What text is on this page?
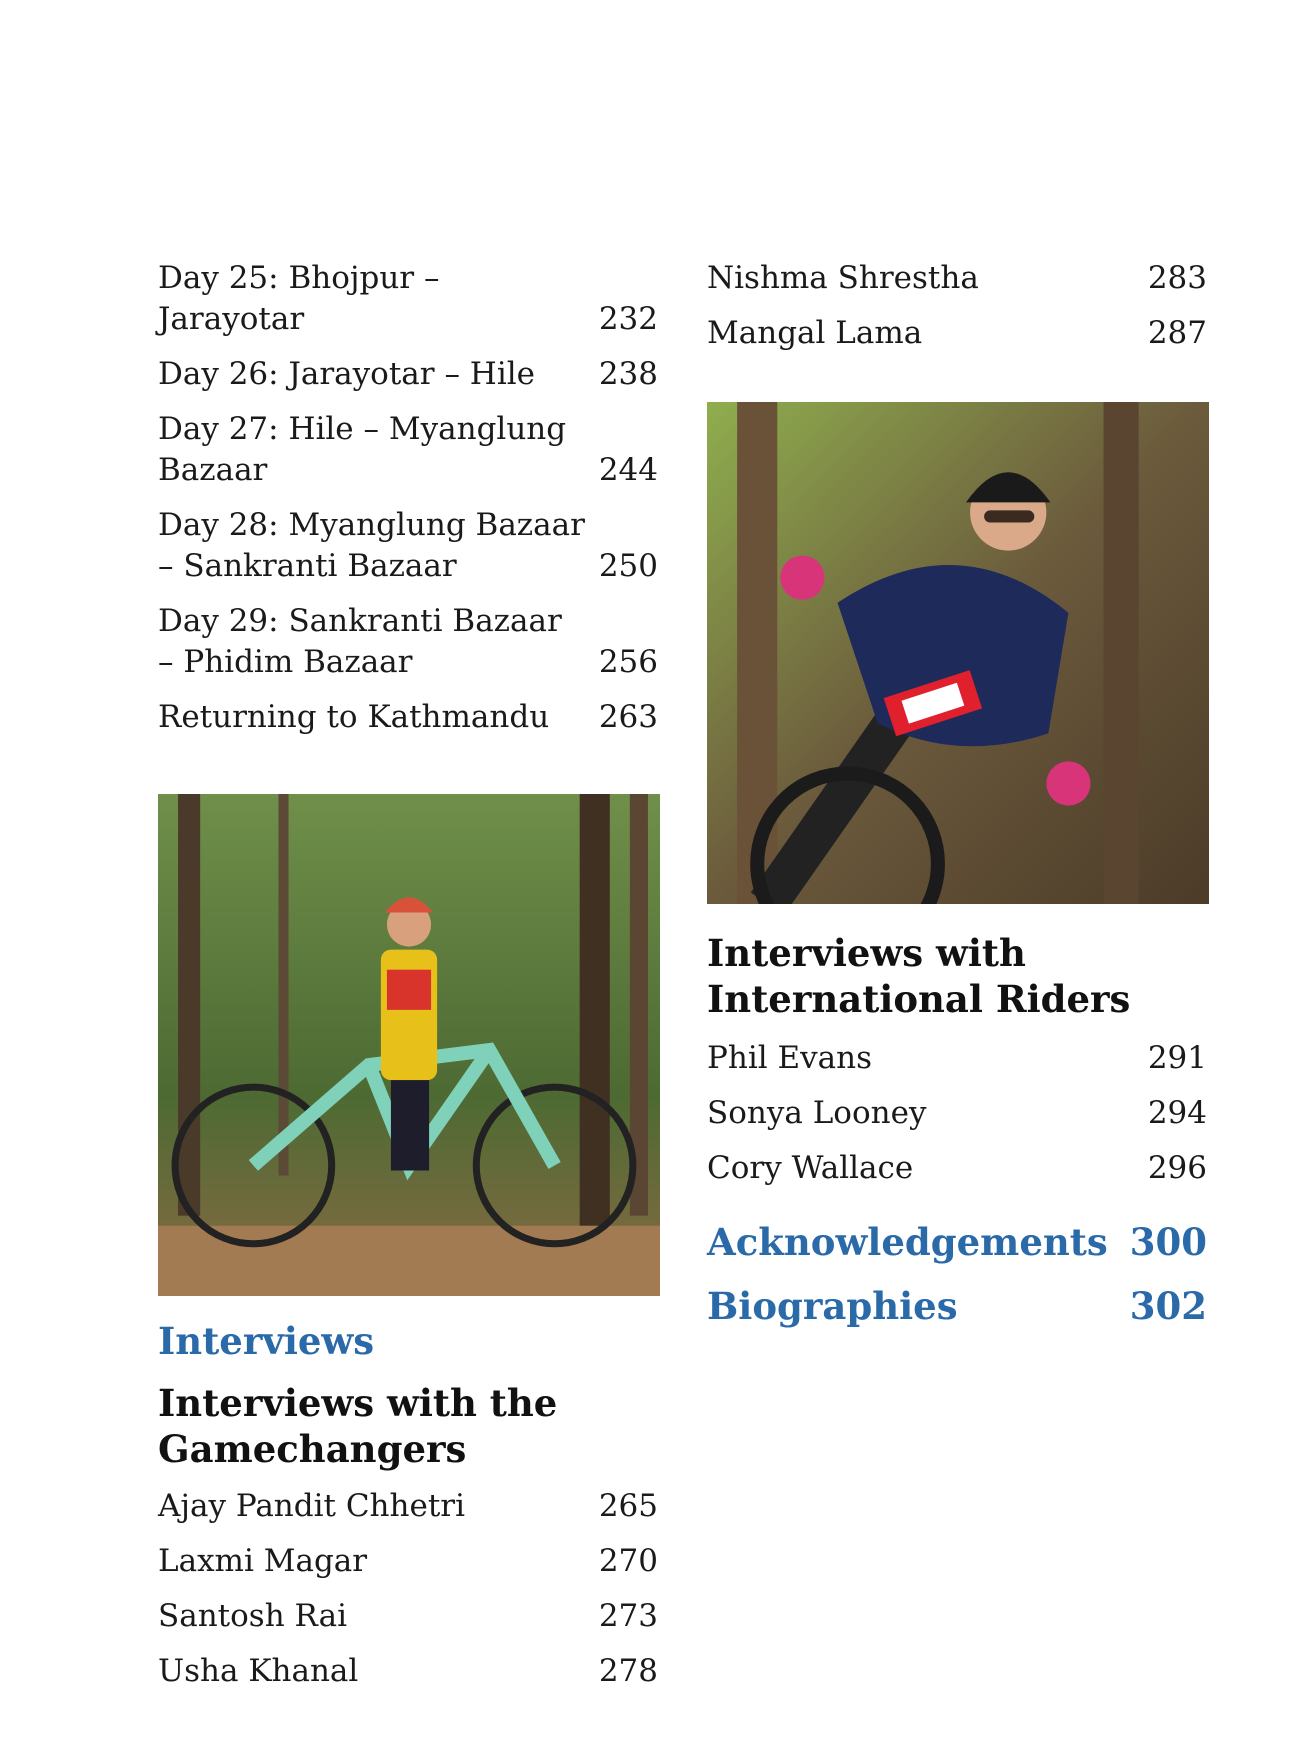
Day 25: Bhojpur – Jarayotar	232
Day 26: Jarayotar – Hile	238
Day 27: Hile – Myanglung Bazaar	244
Day 28: Myanglung Bazaar – Sankranti Bazaar	250
Day 29: Sankranti Bazaar – Phidim Bazaar	256
Returning to Kathmandu	263
Interviews
Interviews with the Gamechangers
Ajay Pandit Chhetri	265
Laxmi Magar	270
Santosh Rai	273
Usha Khanal	278
Nishma Shrestha	283
Mangal Lama	287
Interviews with International Riders
Phil Evans	291
Sonya Looney	294
Cory Wallace	296
Acknowledgements 300
Biographies	302
